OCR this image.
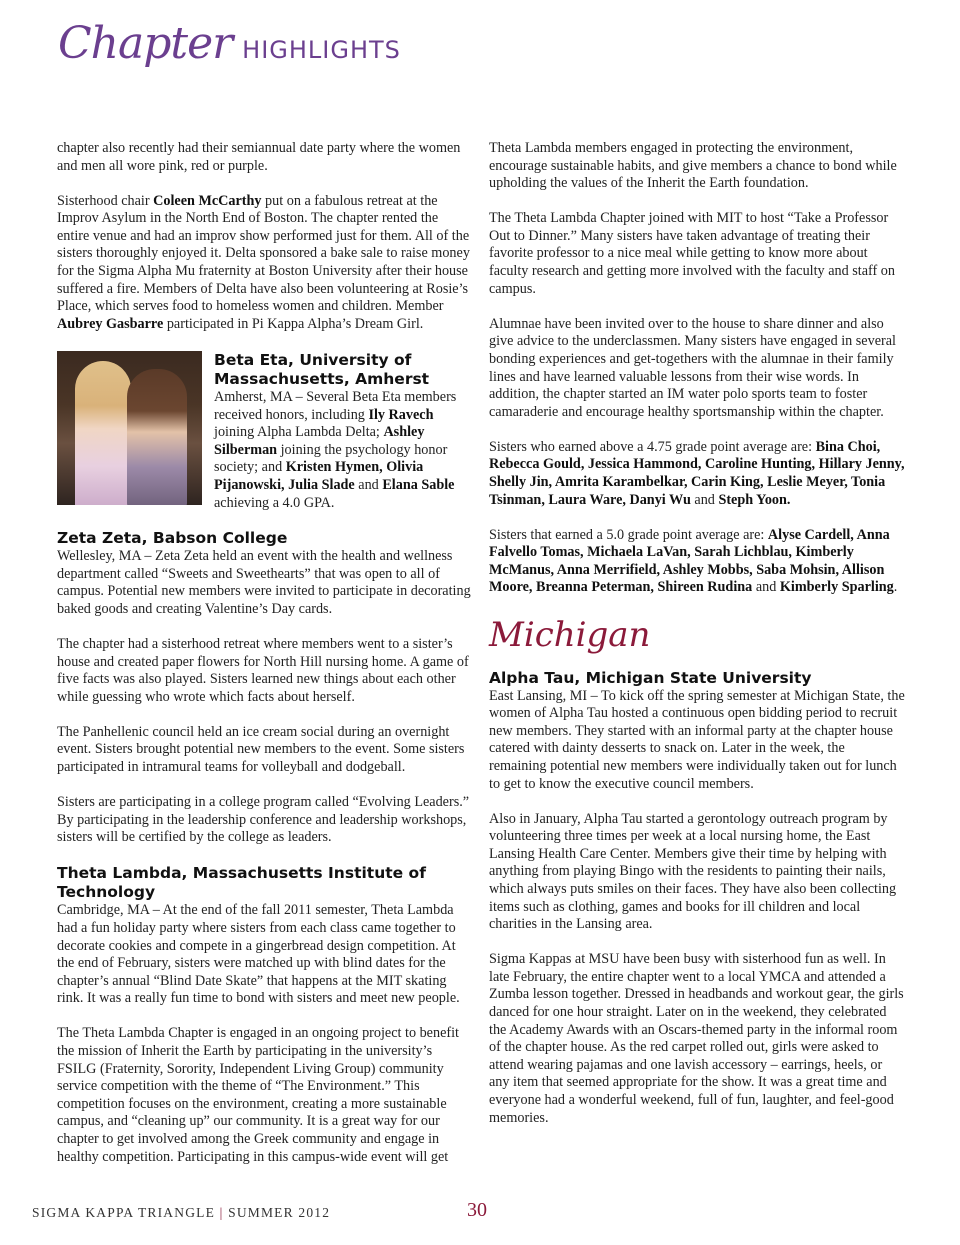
Chapter HIGHLIGHTS

chapter also recently had their semiannual date party where the women and men all wore pink, red or purple.

Sisterhood chair Coleen McCarthy put on a fabulous retreat at the Improv Asylum in the North End of Boston. The chapter rented the entire venue and had an improv show performed just for them. All of the sisters thoroughly enjoyed it. Delta sponsored a bake sale to raise money for the Sigma Alpha Mu fraternity at Boston University after their house suffered a fire. Members of Delta have also been volunteering at Rosie’s Place, which serves food to homeless women and children. Member Aubrey Gasbarre participated in Pi Kappa Alpha’s Dream Girl.

Beta Eta, University of Massachusetts, Amherst
Amherst, MA – Several Beta Eta members received honors, including Ily Ravech joining Alpha Lambda Delta; Ashley Silberman joining the psychology honor society; and Kristen Hymen, Olivia Pijanowski, Julia Slade and Elana Sable achieving a 4.0 GPA.
Zeta Zeta, Babson College

Wellesley, MA – Zeta Zeta held an event with the health and wellness department called “Sweets and Sweethearts” that was open to all of campus. Potential new members were invited to participate in decorating baked goods and creating Valentine’s Day cards.

The chapter had a sisterhood retreat where members went to a sister’s house and created paper flowers for North Hill nursing home. A game of five facts was also played. Sisters learned new things about each other while guessing who wrote which facts about herself.

The Panhellenic council held an ice cream social during an overnight event. Sisters brought potential new members to the event. Some sisters participated in intramural teams for volleyball and dodgeball.

Sisters are participating in a college program called “Evolving Leaders.” By participating in the leadership conference and leadership workshops, sisters will be certified by the college as leaders.

Theta Lambda, Massachusetts Institute of Technology

Cambridge, MA – At the end of the fall 2011 semester, Theta Lambda had a fun holiday party where sisters from each class came together to decorate cookies and compete in a gingerbread design competition. At the end of February, sisters were matched up with blind dates for the chapter’s annual “Blind Date Skate” that happens at the MIT skating rink. It was a really fun time to bond with sisters and meet new people.

The Theta Lambda Chapter is engaged in an ongoing project to benefit the mission of Inherit the Earth by participating in the university’s FSILG (Fraternity, Sorority, Independent Living Group) community service competition with the theme of “The Environment.” This competition focuses on the environment, creating a more sustainable campus, and “cleaning up” our community. It is a great way for our chapter to get involved among the Greek community and engage in healthy competition. Participating in this campus-wide event will get

Theta Lambda members engaged in protecting the environment, encourage sustainable habits, and give members a chance to bond while upholding the values of the Inherit the Earth foundation.

The Theta Lambda Chapter joined with MIT to host “Take a Professor Out to Dinner.” Many sisters have taken advantage of treating their favorite professor to a nice meal while getting to know more about faculty research and getting more involved with the faculty and staff on campus.

Alumnae have been invited over to the house to share dinner and also give advice to the underclassmen. Many sisters have engaged in several bonding experiences and get-togethers with the alumnae in their family lines and have learned valuable lessons from their wise words. In addition, the chapter started an IM water polo sports team to foster camaraderie and encourage healthy sportsmanship within the chapter.

Sisters who earned above a 4.75 grade point average are: Bina Choi, Rebecca Gould, Jessica Hammond, Caroline Hunting, Hillary Jenny, Shelly Jin, Amrita Karambelkar, Carin King, Leslie Meyer, Tonia Tsinman, Laura Ware, Danyi Wu and Steph Yoon.

Sisters that earned a 5.0 grade point average are: Alyse Cardell, Anna Falvello Tomas, Michaela LaVan, Sarah Lichblau, Kimberly McManus, Anna Merrifield, Ashley Mobbs, Saba Mohsin, Allison Moore, Breanna Peterman, Shireen Rudina and Kimberly Sparling.

Michigan
Alpha Tau, Michigan State University

East Lansing, MI – To kick off the spring semester at Michigan State, the women of Alpha Tau hosted a continuous open bidding period to recruit new members. They started with an informal party at the chapter house catered with dainty desserts to snack on. Later in the week, the remaining potential new members were individually taken out for lunch to get to know the executive council members.

Also in January, Alpha Tau started a gerontology outreach program by volunteering three times per week at a local nursing home, the East Lansing Health Care Center. Members give their time by helping with anything from playing Bingo with the residents to painting their nails, which always puts smiles on their faces. They have also been collecting items such as clothing, games and books for ill children and local charities in the Lansing area.

Sigma Kappas at MSU have been busy with sisterhood fun as well. In late February, the entire chapter went to a local YMCA and attended a Zumba lesson together. Dressed in headbands and workout gear, the girls danced for one hour straight. Later on in the weekend, they celebrated the Academy Awards with an Oscars-themed party in the informal room of the chapter house. As the red carpet rolled out, girls were asked to attend wearing pajamas and one lavish accessory – earrings, heels, or any item that seemed appropriate for the show. It was a great time and everyone had a wonderful weekend, full of fun, laughter, and feel-good memories.

SIGMA KAPPA TRIANGLE | SUMMER 2012	30
